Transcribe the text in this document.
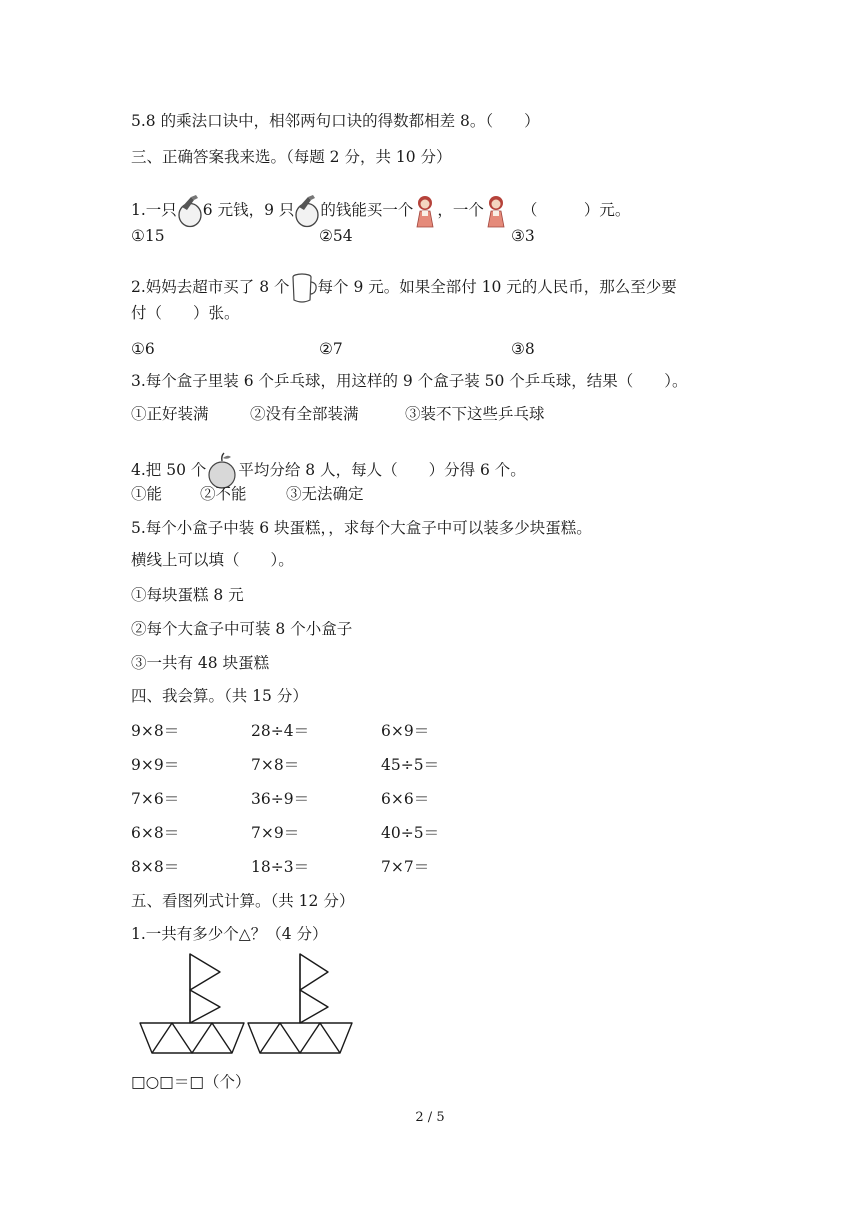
5.8 的乘法口诀中，相邻两句口诀的得数都相差 8。（　　）
三、正确答案我来选。（每题 2 分，共 10 分）
1.一只 6 元钱，9 只 的钱能买一个 ，一个 （　　　）元。
①15	②54	③3
2.妈妈去超市买了 8 个 每个 9 元。如果全部付 10 元的人民币，那么至少要
付（　　）张。
①6	②7	③8
3.每个盒子里装 6 个乒乓球，用这样的 9 个盒子装 50 个乒乓球，结果（　　）。
①正好装满	②没有全部装满	③装不下这些乒乓球
4.把 50 个 平均分给 8 人，每人（　　）分得 6 个。
①能 ②不能	③无法确定
5.每个小盒子中装 6 块蛋糕，，求每个大盒子中可以装多少块蛋糕。
横线上可以填（　　）。
①每块蛋糕 8 元
②每个大盒子中可装 8 个小盒子
③一共有 48 块蛋糕
四、我会算。（共 15 分）
9×8＝	28÷4＝	6×9＝
9×9＝	7×8＝	45÷5＝
7×6＝	36÷9＝	6×6＝
6×8＝	7×9＝	40÷5＝
8×8＝	18÷3＝	7×7＝
五、看图列式计算。（共 12 分）
1.一共有多少个△？（4 分）
□○□＝□（个）
2 / 5
